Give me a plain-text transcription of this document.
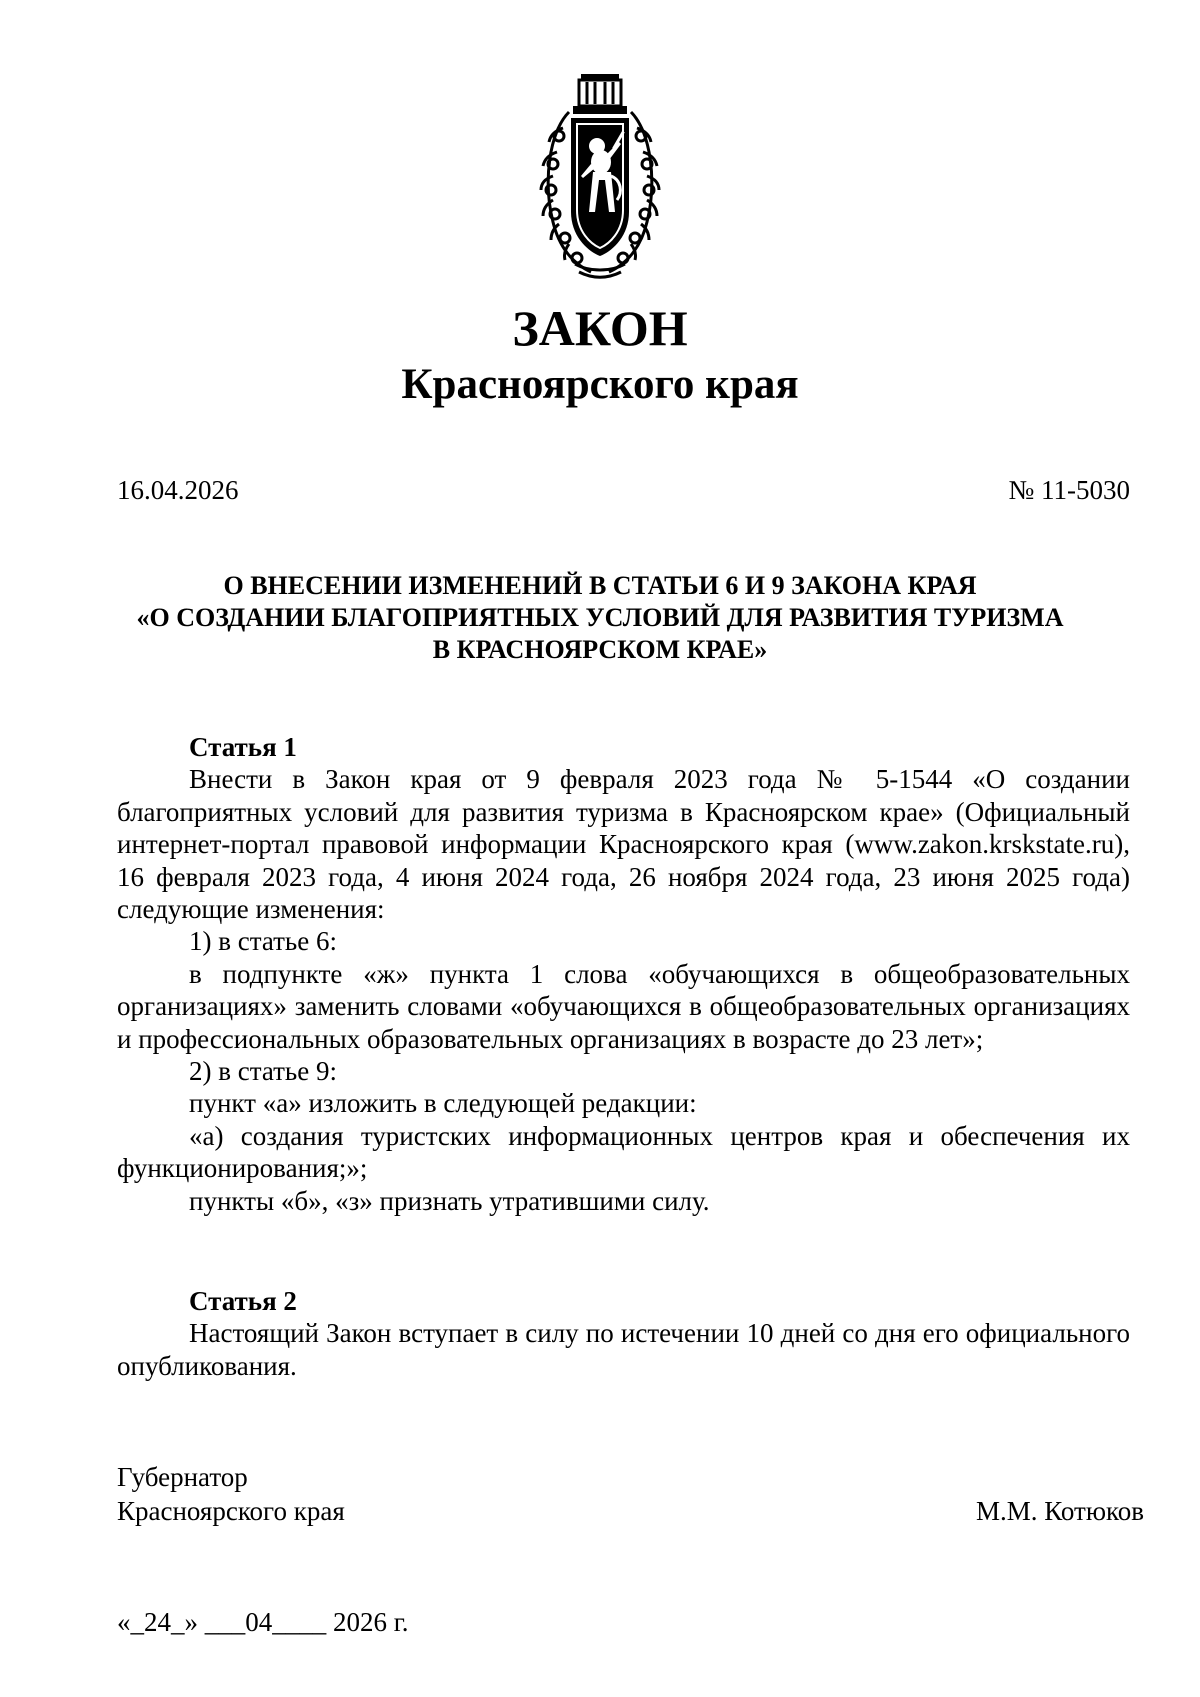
ЗАКОН
Красноярского края
16.04.2026	№ 11-5030
О ВНЕСЕНИИ ИЗМЕНЕНИЙ В СТАТЬИ 6 И 9 ЗАКОНА КРАЯ
«О СОЗДАНИИ БЛАГОПРИЯТНЫХ УСЛОВИЙ ДЛЯ РАЗВИТИЯ ТУРИЗМА
В КРАСНОЯРСКОМ КРАЕ»

Статья 1

Внести в Закон края от 9 февраля 2023 года № 5-1544 «О создании благоприятных условий для развития туризма в Красноярском крае» (Официальный интернет-портал правовой информации Красноярского края (www.zakon.krskstate.ru), 16 февраля 2023 года, 4 июня 2024 года, 26 ноября 2024 года, 23 июня 2025 года) следующие изменения:

1) в статье 6:

в подпункте «ж» пункта 1 слова «обучающихся в общеобразовательных организациях» заменить словами «обучающихся в общеобразовательных организациях и профессиональных образовательных организациях в возрасте до 23 лет»;

2) в статье 9:

пункт «а» изложить в следующей редакции:

«а) создания туристских информационных центров края и обеспечения их функционирования;»;

пункты «б», «з» признать утратившими силу.

Статья 2

Настоящий Закон вступает в силу по истечении 10 дней со дня его официального опубликования.

Губернатор
Красноярского края	М.М. Котюков
«_24_» ___04____ 2026 г.
